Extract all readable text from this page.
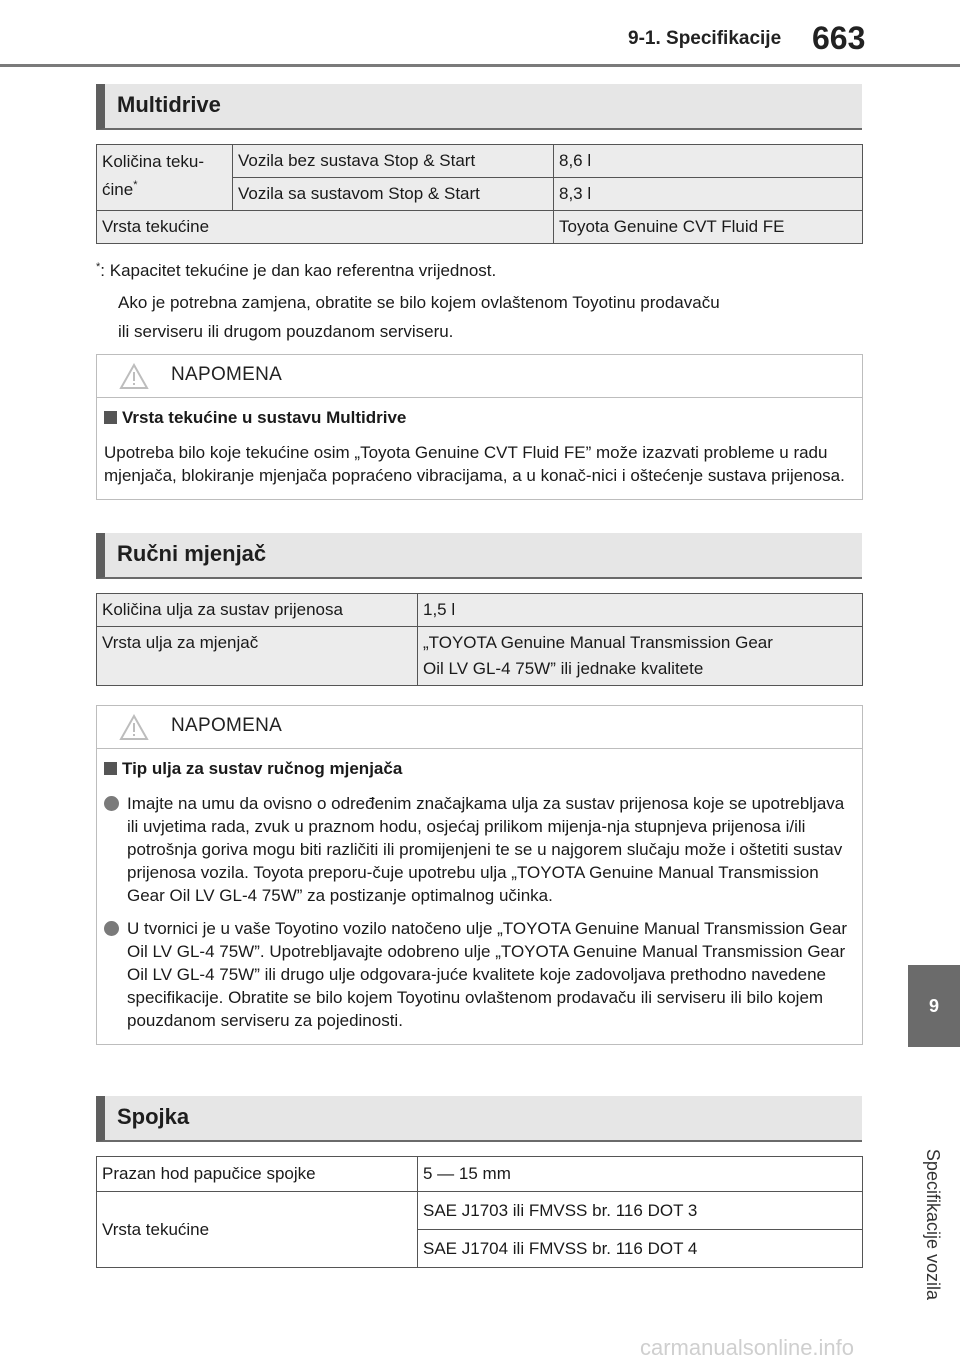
9-1. Specifikacije 663
9
Specifikacije vozila
Multidrive
Količina teku-ćine*	Vozila bez sustava Stop & Start	8,6 l
	Vozila sa sustavom Stop & Start	8,3 l
Vrsta tekućine		Toyota Genuine CVT Fluid FE
*: Kapacitet tekućine je dan kao referentna vrijednost.
Ako je potrebna zamjena, obratite se bilo kojem ovlaštenom Toyotinu prodavaču
ili serviseru ili drugom pouzdanom serviseru.
NAPOMENA
Vrsta tekućine u sustavu Multidrive

Upotreba bilo koje tekućine osim „Toyota Genuine CVT Fluid FE” može izazvati probleme u radu mjenjača, blokiranje mjenjača popraćeno vibracijama, a u konač-nici i oštećenje sustava prijenosa.

Ručni mjenjač
Količina ulja za sustav prijenosa	1,5 l
Vrsta ulja za mjenjač	„TOYOTA Genuine Manual Transmission Gear
Oil LV GL-4 75W” ili jednake kvalitete
NAPOMENA
Tip ulja za sustav ručnog mjenjača
Imajte na umu da ovisno o određenim značajkama ulja za sustav prijenosa koje se upotrebljava ili uvjetima rada, zvuk u praznom hodu, osjećaj prilikom mijenja-nja stupnjeva prijenosa i/ili potrošnja goriva mogu biti različiti ili promijenjeni te se u najgorem slučaju može i oštetiti sustav prijenosa vozila. Toyota preporu-čuje upotrebu ulja „TOYOTA Genuine Manual Transmission Gear Oil LV GL-4 75W” za postizanje optimalnog učinka.
U tvornici je u vaše Toyotino vozilo natočeno ulje „TOYOTA Genuine Manual Transmission Gear Oil LV GL-4 75W”. Upotrebljavajte odobreno ulje „TOYOTA Genuine Manual Transmission Gear Oil LV GL-4 75W” ili drugo ulje odgovara-juće kvalitete koje zadovoljava prethodno navedene specifikacije. Obratite se bilo kojem Toyotinu ovlaštenom prodavaču ili serviseru ili bilo kojem pouzdanom serviseru za pojedinosti.
Spojka
Prazan hod papučice spojke	5 — 15 mm
Vrsta tekućine	SAE J1703 ili FMVSS br. 116 DOT 3
	SAE J1704 ili FMVSS br. 116 DOT 4
carmanualsonline.info
